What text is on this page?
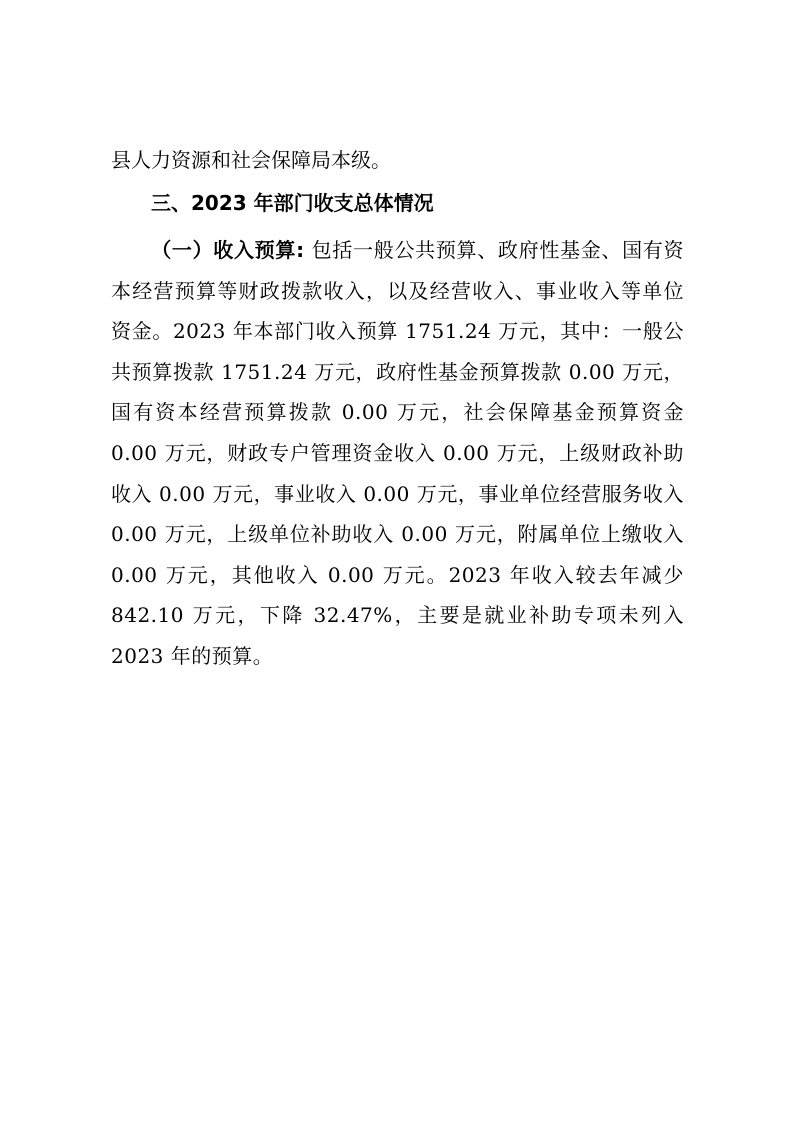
县人力资源和社会保障局本级。
三、2023 年部门收支总体情况
（一）收入预算: 包括一般公共预算、政府性基金、国有资本经营预算等财政拨款收入，以及经营收入、事业收入等单位资金。2023 年本部门收入预算 1751.24 万元，其中：一般公共预算拨款 1751.24 万元，政府性基金预算拨款 0.00 万元，国有资本经营预算拨款 0.00 万元，社会保障基金预算资金 0.00 万元，财政专户管理资金收入 0.00 万元，上级财政补助收入 0.00 万元，事业收入 0.00 万元，事业单位经营服务收入 0.00 万元，上级单位补助收入 0.00 万元，附属单位上缴收入 0.00 万元，其他收入 0.00 万元。2023 年收入较去年减少 842.10 万元，下降 32.47%，主要是就业补助专项未列入 2023 年的预算。
